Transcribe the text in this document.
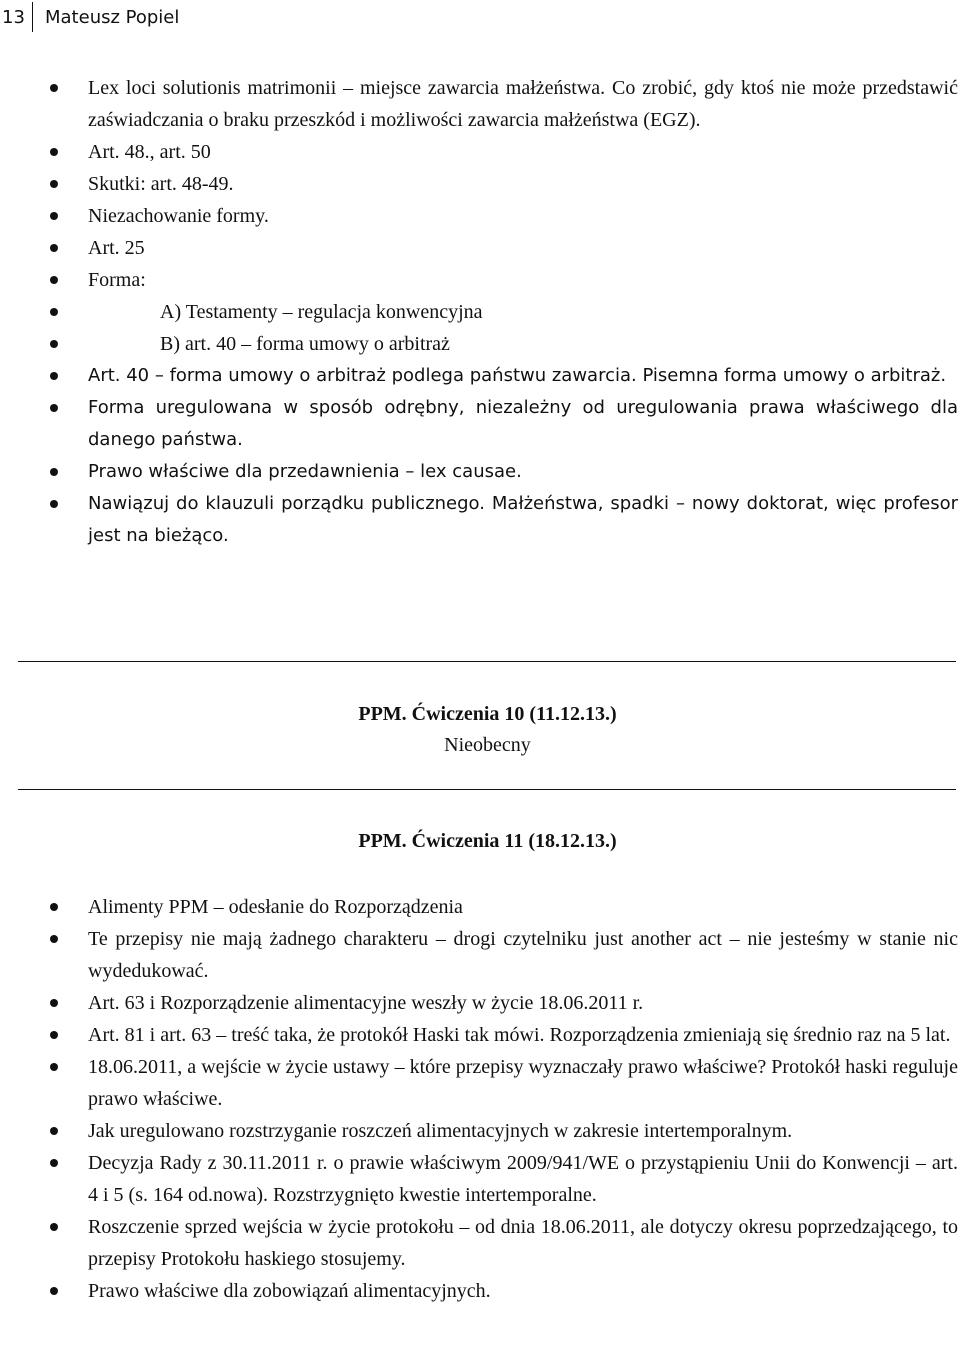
13 Mateusz Popiel
Lex loci solutionis matrimonii – miejsce zawarcia małżeństwa. Co zrobić, gdy ktoś nie może przedstawić zaświadczania o braku przeszkód i możliwości zawarcia małżeństwa (EGZ).
Art. 48., art. 50
Skutki: art. 48-49.
Niezachowanie formy.
Art. 25
Forma:
A) Testamenty – regulacja konwencyjna
B) art. 40 – forma umowy o arbitraż
Art. 40 – forma umowy o arbitraż podlega państwu zawarcia. Pisemna forma umowy o arbitraż.
Forma uregulowana w sposób odrębny, niezależny od uregulowania prawa właściwego dla danego państwa.
Prawo właściwe dla przedawnienia – lex causae.
Nawiązuj do klauzuli porządku publicznego. Małżeństwa, spadki – nowy doktorat, więc profesor jest na bieżąco.
PPM. Ćwiczenia 10 (11.12.13.)
Nieobecny
PPM. Ćwiczenia 11 (18.12.13.)
Alimenty PPM – odesłanie do Rozporządzenia
Te przepisy nie mają żadnego charakteru – drogi czytelniku just another act – nie jesteśmy w stanie nic wydedukować.
Art. 63 i Rozporządzenie alimentacyjne weszły w życie 18.06.2011 r.
Art. 81 i art. 63 – treść taka, że protokół Haski tak mówi. Rozporządzenia zmieniają się średnio raz na 5 lat.
18.06.2011, a wejście w życie ustawy – które przepisy wyznaczały prawo właściwe? Protokół haski reguluje prawo właściwe.
Jak uregulowano rozstrzyganie roszczeń alimentacyjnych w zakresie intertemporalnym.
Decyzja Rady z 30.11.2011 r. o prawie właściwym 2009/941/WE o przystąpieniu Unii do Konwencji – art. 4 i 5 (s. 164 od.nowa). Rozstrzygnięto kwestie intertemporalne.
Roszczenie sprzed wejścia w życie protokołu – od dnia 18.06.2011, ale dotyczy okresu poprzedzającego, to przepisy Protokołu haskiego stosujemy.
Prawo właściwe dla zobowiązań alimentacyjnych.
